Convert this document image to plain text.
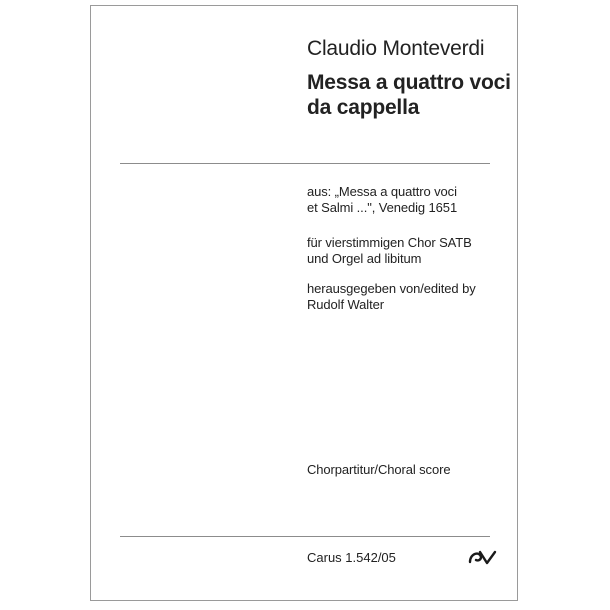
Claudio Monteverdi
Messa a quattro voci
da cappella

aus: „Messa a quattro voci
et Salmi ...", Venedig 1651

für vierstimmigen Chor SATB
und Orgel ad libitum

herausgegeben von/edited by
Rudolf Walter

Chorpartitur/Choral score

Carus 1.542/05
